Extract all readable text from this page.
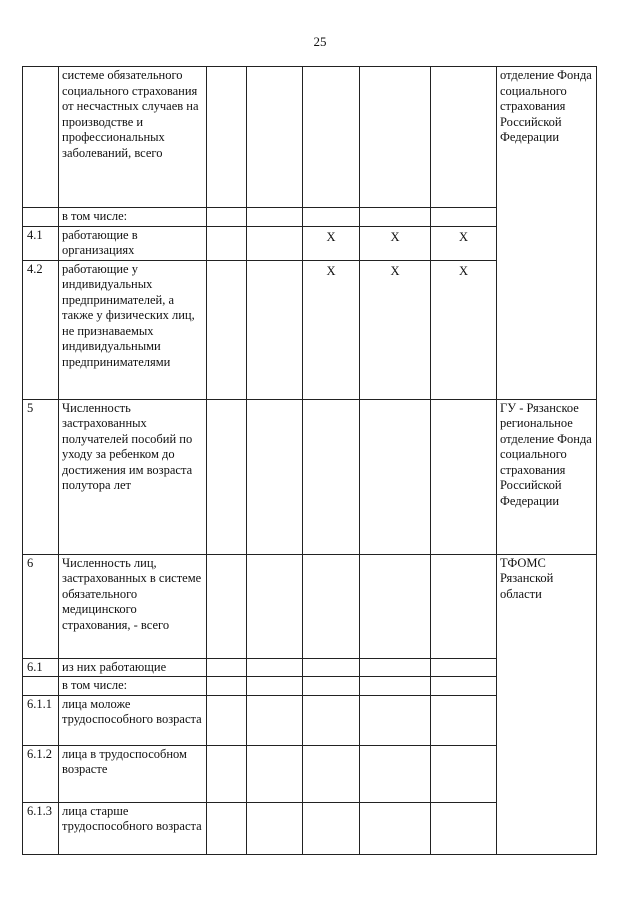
25
	системе обязательного социального страхования от несчастных случаев на производстве и профессиональных заболеваний, всего						отделение Фонда социального страхования Российской Федерации
	в том числе:						
4.1	работающие в организациях			Х	Х	Х	
4.2	работающие у индивидуальных предпринимателей, а также у физических лиц, не признаваемых индивидуальными предпринимателями			Х	Х	Х	
5	Численность застрахованных получателей пособий по уходу за ребенком до достижения им возраста полутора лет						ГУ - Рязанское региональное отделение Фонда социального страхования Российской Федерации
6	Численность лиц, застрахованных в системе обязательного медицинского страхования, - всего						ТФОМС Рязанской области
6.1	из них работающие						
	в том числе:						
6.1.1	лица моложе трудоспособного возраста						
6.1.2	лица в трудоспособном возрасте						
6.1.3	лица старше трудоспособного возраста						
